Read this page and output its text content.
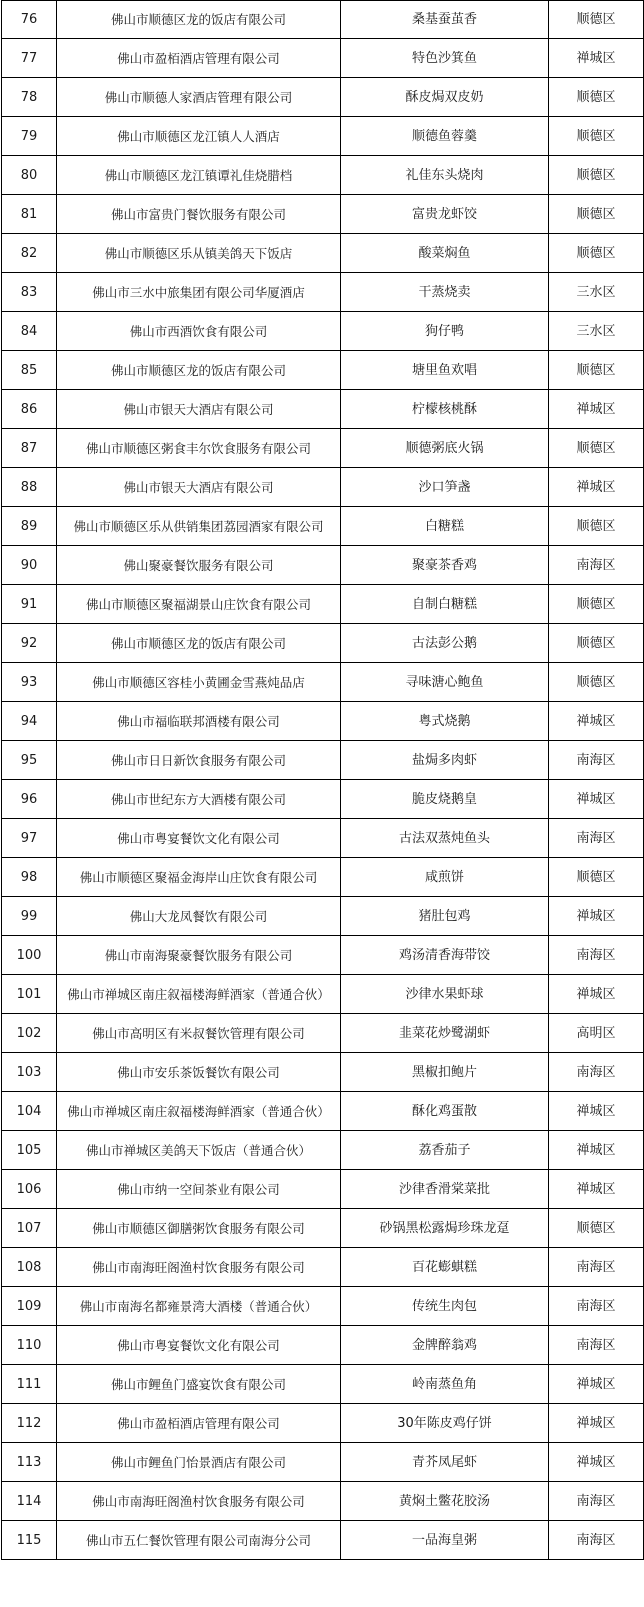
76	佛山市顺德区龙的饭店有限公司	桑基蚕茧香	顺德区
77	佛山市盈栢酒店管理有限公司	特色沙箕鱼	禅城区
78	佛山市顺德人家酒店管理有限公司	酥皮焗双皮奶	顺德区
79	佛山市顺德区龙江镇人人酒店	顺德鱼蓉羹	顺德区
80	佛山市顺德区龙江镇谭礼佳烧腊档	礼佳东头烧肉	顺德区
81	佛山市富贵门餐饮服务有限公司	富贵龙虾饺	顺德区
82	佛山市顺德区乐从镇美鸽天下饭店	酸菜焖鱼	顺德区
83	佛山市三水中旅集团有限公司华厦酒店	干蒸烧卖	三水区
84	佛山市西酒饮食有限公司	狗仔鸭	三水区
85	佛山市顺德区龙的饭店有限公司	塘里鱼欢唱	顺德区
86	佛山市银天大酒店有限公司	柠檬核桃酥	禅城区
87	佛山市顺德区粥食丰尔饮食服务有限公司	顺德粥底火锅	顺德区
88	佛山市银天大酒店有限公司	沙口笋盏	禅城区
89	佛山市顺德区乐从供销集团荔园酒家有限公司	白糖糕	顺德区
90	佛山聚豪餐饮服务有限公司	聚豪茶香鸡	南海区
91	佛山市顺德区聚福湖景山庄饮食有限公司	自制白糖糕	顺德区
92	佛山市顺德区龙的饭店有限公司	古法彭公鹅	顺德区
93	佛山市顺德区容桂小黄圃金雪燕炖品店	寻味溏心鲍鱼	顺德区
94	佛山市福临联邦酒楼有限公司	粤式烧鹅	禅城区
95	佛山市日日新饮食服务有限公司	盐焗多肉虾	南海区
96	佛山市世纪东方大酒楼有限公司	脆皮烧鹅皇	禅城区
97	佛山市粤宴餐饮文化有限公司	古法双蒸炖鱼头	南海区
98	佛山市顺德区聚福金海岸山庄饮食有限公司	咸煎饼	顺德区
99	佛山大龙凤餐饮有限公司	猪肚包鸡	禅城区
100	佛山市南海聚豪餐饮服务有限公司	鸡汤清香海带饺	南海区
101	佛山市禅城区南庄叙福楼海鲜酒家（普通合伙）	沙律水果虾球	禅城区
102	佛山市高明区有米叔餐饮管理有限公司	韭菜花炒鹭湖虾	高明区
103	佛山市安乐茶饭餐饮有限公司	黑椒扣鲍片	南海区
104	佛山市禅城区南庄叙福楼海鲜酒家（普通合伙）	酥化鸡蛋散	禅城区
105	佛山市禅城区美鸽天下饭店（普通合伙）	荔香茄子	禅城区
106	佛山市纳一空间茶业有限公司	沙律香滑棠菜批	禅城区
107	佛山市顺德区御膳粥饮食服务有限公司	砂锅黑松露焗珍珠龙趸	顺德区
108	佛山市南海旺阁渔村饮食服务有限公司	百花蟛蜞糕	南海区
109	佛山市南海名都雍景湾大酒楼（普通合伙）	传统生肉包	南海区
110	佛山市粤宴餐饮文化有限公司	金牌醉翁鸡	南海区
111	佛山市鲤鱼门盛宴饮食有限公司	岭南蒸鱼角	禅城区
112	佛山市盈栢酒店管理有限公司	30年陈皮鸡仔饼	禅城区
113	佛山市鲤鱼门怡景酒店有限公司	青芥凤尾虾	禅城区
114	佛山市南海旺阁渔村饮食服务有限公司	黄焖土鳖花胶汤	南海区
115	佛山市五仁餐饮管理有限公司南海分公司	一品海皇粥	南海区
